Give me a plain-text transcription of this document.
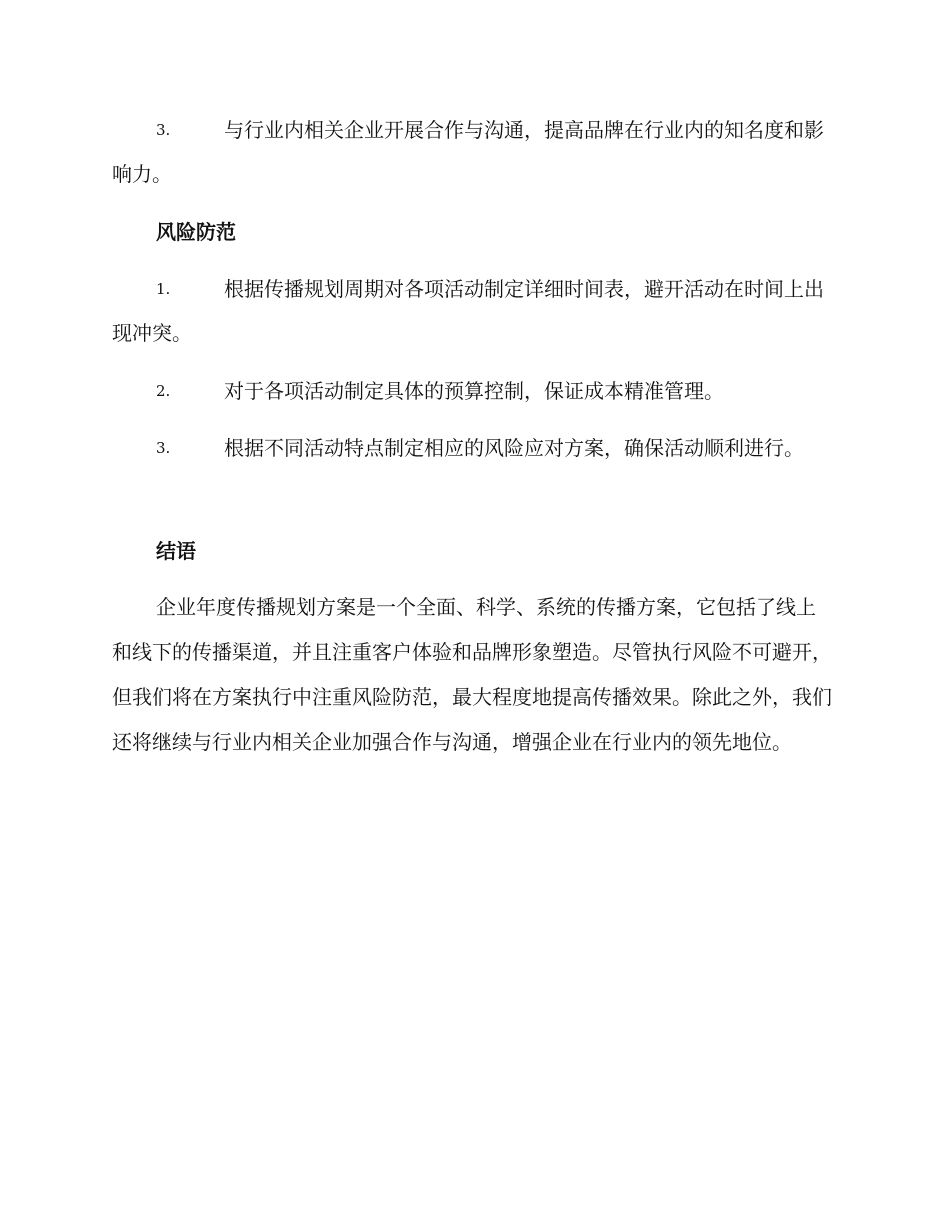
3.	与行业内相关企业开展合作与沟通，提高品牌在行业内的知名度和影响力。
风险防范
1.	根据传播规划周期对各项活动制定详细时间表，避开活动在时间上出现冲突。
2.	对于各项活动制定具体的预算控制，保证成本精准管理。
3.	根据不同活动特点制定相应的风险应对方案，确保活动顺利进行。
结语
企业年度传播规划方案是一个全面、科学、系统的传播方案，它包括了线上和线下的传播渠道，并且注重客户体验和品牌形象塑造。尽管执行风险不可避开，但我们将在方案执行中注重风险防范，最大程度地提高传播效果。除此之外，我们还将继续与行业内相关企业加强合作与沟通，增强企业在行业内的领先地位。
